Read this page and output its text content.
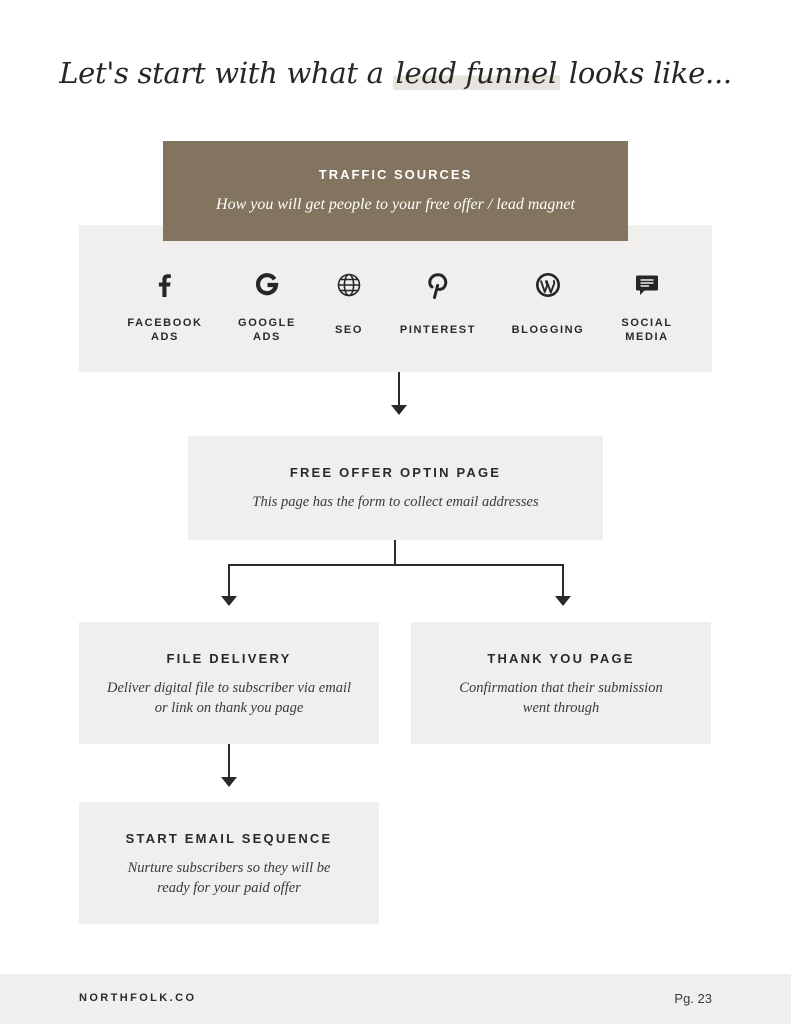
Let's start with what a lead funnel looks like...
TRAFFIC SOURCES
How you will get people to your free offer / lead magnet
FACEBOOK
ADS
GOOGLE
ADS
SEO	PINTEREST	BLOGGING
SOCIAL
MEDIA
FREE OFFER OPTIN PAGE
This page has the form to collect email addresses
FILE DELIVERY
Deliver digital file to subscriber via email
or link on thank you page
THANK YOU PAGE
Confirmation that their submission
went through
START EMAIL SEQUENCE
Nurture subscribers so they will be
ready for your paid offer
NORTHFOLK.CO	Pg. 23
